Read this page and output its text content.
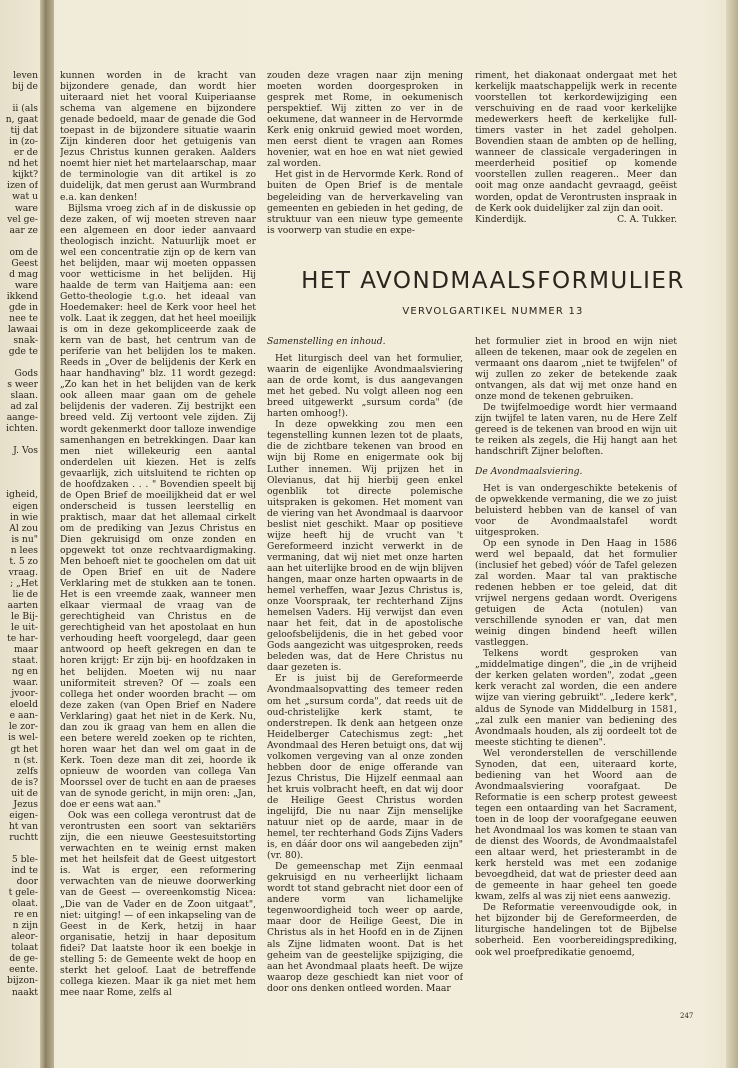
leven
bij de

ii (als
n, gaat
tij dat
in (zo-
er de
nd het
kijkt?
izen of
wat u
ware
vel ge-
aar ze

om de
Geest
d mag
ware
ikkend
gde in
nee te
lawaai
snak-
gde te

Gods
s weer
slaan.
ad zal
aange-
ichten.

J. Vos

igheid,
eigen
in wie
Al zou
is nu"
n lees
t. 5 zo
vraag.
; „Het
lie de
aarten
le Bij-
le uit-
te har-
maar
staat.
ng en
waar.
jvoor-
eloeld
e aan-
le zor-
is wel-
gt het
n (st.
zelfs
de is?
uit de
Jezus
eigen-
ht van
ruchtt

5 ble-
ind te
door
t gele-
olaat.
re en
n zijn
aleor-
tolaat
de ge-
eente.
bijzon-
naakt

kunnen worden in de kracht van bijzondere genade, dan wordt hier uiteraard niet het vooral Kuiperiaanse schema van algemene en bijzondere genade bedoeld, maar de genade die God toepast in de bijzondere situatie waarin Zijn kinderen door het getuigenis van Jezus Christus kunnen geraken. Aalders noemt hier niet het martelaarschap, maar de terminologie van dit artikel is zo duidelijk, dat men gerust aan Wurmbrand e.a. kan denken!

Bijlsma vroeg zich af in de diskussie op deze zaken, of wij moeten streven naar een algemeen en door ieder aanvaard theologisch inzicht. Natuurlijk moet er wel een concentratie zijn op de kern van het belijden, maar wij moeten oppassen voor wetticisme in het belijden. Hij haalde de term van Haitjema aan: een Getto-theologie t.g.o. het ideaal van Hoedemaker: heel de Kerk voor heel het volk. Laat ik zeggen, dat het heel moeilijk is om in deze gekompliceerde zaak de kern van de bast, het centrum van de periferie van het belijden los te maken. Reeds in „Over de belijdenis der Kerk en haar handhaving" blz. 11 wordt gezegd: „Zo kan het in het belijden van de kerk ook alleen maar gaan om de gehele belijdenis der vaderen. Zij bestrijkt een breed veld. Zij vertoont vele zijden. Zij wordt gekenmerkt door talloze inwendige samenhangen en betrekkingen. Daar kan men niet willekeurig een aantal onderdelen uit kiezen. Het is zelfs gevaarlijk, zich uitsluitend te richten op de hoofdzaken . . . " Bovendien speelt bij de Open Brief de moeilijkheid dat er wel onderscheid is tussen leerstellig en praktisch, maar dat het allemaal cirkelt om de prediking van Jezus Christus en Dien gekruisigd om onze zonden en opgewekt tot onze rechtvaardigmaking. Men behoeft niet te goochelen om dat uit de Open Brief en uit de Nadere Verklaring met de stukken aan te tonen. Het is een vreemde zaak, wanneer men elkaar viermaal de vraag van de gerechtigheid van Christus en de gerechtigheid van het apostolaat en hun verhouding heeft voorgelegd, daar geen antwoord op heeft gekregen en dan te horen krijgt: Er zijn bij- en hoofdzaken in het belijden. Moeten wij nu naar uniformiteit streven? Of — zoals een collega het onder woorden bracht — om deze zaken (van Open Brief en Nadere Verklaring) gaat het niet in de Kerk. Nu, dan zou ik graag van hem en allen die een betere wereld zoeken op te richten, horen waar het dan wel om gaat in de Kerk. Toen deze man dit zei, hoorde ik opnieuw de woorden van collega Van Moorssel over de tucht en aan de praeses van de synode gericht, in mijn oren: „Jan, doe er eens wat aan."

Ook was een collega verontrust dat de verontrusten een soort van sektariërs zijn, die een nieuwe Geestesuitstorting verwachten en te weinig ernst maken met het heilsfeit dat de Geest uitgestort is. Wat is erger, een reformering verwachten van de nieuwe doorwerking van de Geest — overeenkomstig Nicea: „Die van de Vader en de Zoon uitgaat", niet: uitging! — of een inkapseling van de Geest in de Kerk, hetzij in haar organisatie, hetzij in haar depositum fidei? Dat laatste hoor ik een boekje in stelling 5: de Gemeente wekt de hoop en sterkt het geloof. Laat de betreffende collega kiezen. Maar ik ga niet met hem mee naar Rome, zelfs al

zouden deze vragen naar zijn mening moeten worden doorgesproken in gesprek met Rome, in oekumenisch perspektief. Wij zitten zo ver in de oekumene, dat wanneer in de Hervormde Kerk enig onkruid gewied moet worden, men eerst dient te vragen aan Romes hovenier, wat en hoe en wat niet gewied zal worden.

Het gist in de Hervormde Kerk. Rond of buiten de Open Brief is de mentale begeleiding van de herverkaveling van gemeenten en gebieden in het geding, de struktuur van een nieuw type gemeente is voorwerp van studie en expe-

riment, het diakonaat ondergaat met het kerkelijk maatschappelijk werk in recente voorstellen tot kerkordewijziging een verschuiving en de raad voor kerkelijke medewerkers heeft de kerkelijke full-timers vaster in het zadel geholpen. Bovendien staan de ambten op de helling, wanneer de classicale vergaderingen in meerderheid positief op komende voorstellen zullen reageren.. Meer dan ooit mag onze aandacht gevraagd, geëist worden, opdat de Verontrusten inspraak in de Kerk ook duidelijker zal zijn dan ooit.

Kinderdijk.	C. A. Tukker.
HET AVONDMAALSFORMULIER
VERVOLGARTIKEL NUMMER 13

Samenstelling en inhoud.

Het liturgisch deel van het formulier, waarin de eigenlijke Avondmaalsviering aan de orde komt, is dus aangevangen met het gebed. Nu volgt alleen nog een breed uitgewerkt „sursum corda" (de harten omhoog!).

In deze opwekking zou men een tegenstelling kunnen lezen tot de plaats, die de zichtbare tekenen van brood en wijn bij Rome en enigermate ook bij Luther innemen. Wij prijzen het in Olevianus, dat hij hierbij geen enkel ogenblik tot directe polemische uitspraken is gekomen. Het moment van de viering van het Avondmaal is daarvoor beslist niet geschikt. Maar op positieve wijze heeft hij de vrucht van 't Gereformeerd inzicht verwerkt in de vermaning, dat wij niet met onze harten aan het uiterlijke brood en de wijn blijven hangen, maar onze harten opwaarts in de hemel verheffen, waar Jezus Christus is, onze Voorspraak, ter rechterhand Zijns hemelsen Vaders. Hij verwijst dan even naar het feit, dat in de apostolische geloofsbelijdenis, die in het gebed voor Gods aangezicht was uitgesproken, reeds beleden was, dat de Here Christus nu daar gezeten is.

Er is juist bij de Gereformeerde Avondmaalsopvatting des temeer reden om het „sursum corda", dat reeds uit de oud-christelijke kerk stamt, te onderstrepen. Ik denk aan hetgeen onze Heidelberger Catechismus zegt: „het Avondmaal des Heren betuigt ons, dat wij volkomen vergeving van al onze zonden hebben door de enige offerande van Jezus Christus, Die Hijzelf eenmaal aan het kruis volbracht heeft, en dat wij door de Heilige Geest Christus worden ingelijfd, Die nu naar Zijn menselijke natuur niet op de aarde, maar in de hemel, ter rechterhand Gods Zijns Vaders is, en dáár door ons wil aangebeden zijn" (vr. 80).

De gemeenschap met Zijn eenmaal gekruisigd en nu verheerlijkt lichaam wordt tot stand gebracht niet door een of andere vorm van lichamelijke tegenwoordigheid toch weer op aarde, maar door de Heilige Geest, Die in Christus als in het Hoofd en in de Zijnen als Zijne lidmaten woont. Dat is het geheim van de geestelijke spijziging, die aan het Avondmaal plaats heeft. De wijze waarop deze geschiedt kan niet voor of door ons denken ontleed worden. Maar

het formulier ziet in brood en wijn niet alleen de tekenen, maar ook de zegelen en vermaant ons daarom „niet te twijfelen" of wij zullen zo zeker de betekende zaak ontvangen, als dat wij met onze hand en onze mond de tekenen gebruiken.

De twijfelmoedige wordt hier vermaand zijn twijfel te laten varen, nu de Here Zelf gereed is de tekenen van brood en wijn uit te reiken als zegels, die Hij hangt aan het handschrift Zijner beloften.

De Avondmaalsviering.

Het is van ondergeschikte betekenis of de opwekkende vermaning, die we zo juist beluisterd hebben van de kansel of van voor de Avondmaalstafel wordt uitgesproken.

Op een synode in Den Haag in 1586 werd wel bepaald, dat het formulier (inclusief het gebed) vóór de Tafel gelezen zal worden. Maar tal van praktische redenen hebben er toe geleid, dat dit vrijwel nergens gedaan wordt. Overigens getuigen de Acta (notulen) van verschillende synoden er van, dat men weinig dingen bindend heeft willen vastleggen.

Telkens wordt gesproken van „middelmatige dingen", die „in de vrijheid der kerken gelaten worden", zodat „geen kerk veracht zal worden, die een andere wijze van viering gebruikt". „Iedere kerk", aldus de Synode van Middelburg in 1581, „zal zulk een manier van bediening des Avondmaals houden, als zij oordeelt tot de meeste stichting te dienen".

Wel veronderstellen de verschillende Synoden, dat een, uiteraard korte, bediening van het Woord aan de Avondmaalsviering voorafgaat. De Reformatie is een scherp protest geweest tegen een ontaarding van het Sacrament, toen in de loop der voorafgegane eeuwen het Avondmaal los was komen te staan van de dienst des Woords, de Avondmaalstafel een altaar werd, het priesterambt in de kerk hersteld was met een zodanige bevoegdheid, dat wat de priester deed aan de gemeente in haar geheel ten goede kwam, zelfs al was zij niet eens aanwezig.

De Reformatie vereenvoudigde ook, in het bijzonder bij de Gereformeerden, de liturgische handelingen tot de Bijbelse soberheid. Een voorbereidingsprediking, ook wel proefpredikatie genoemd,

247
